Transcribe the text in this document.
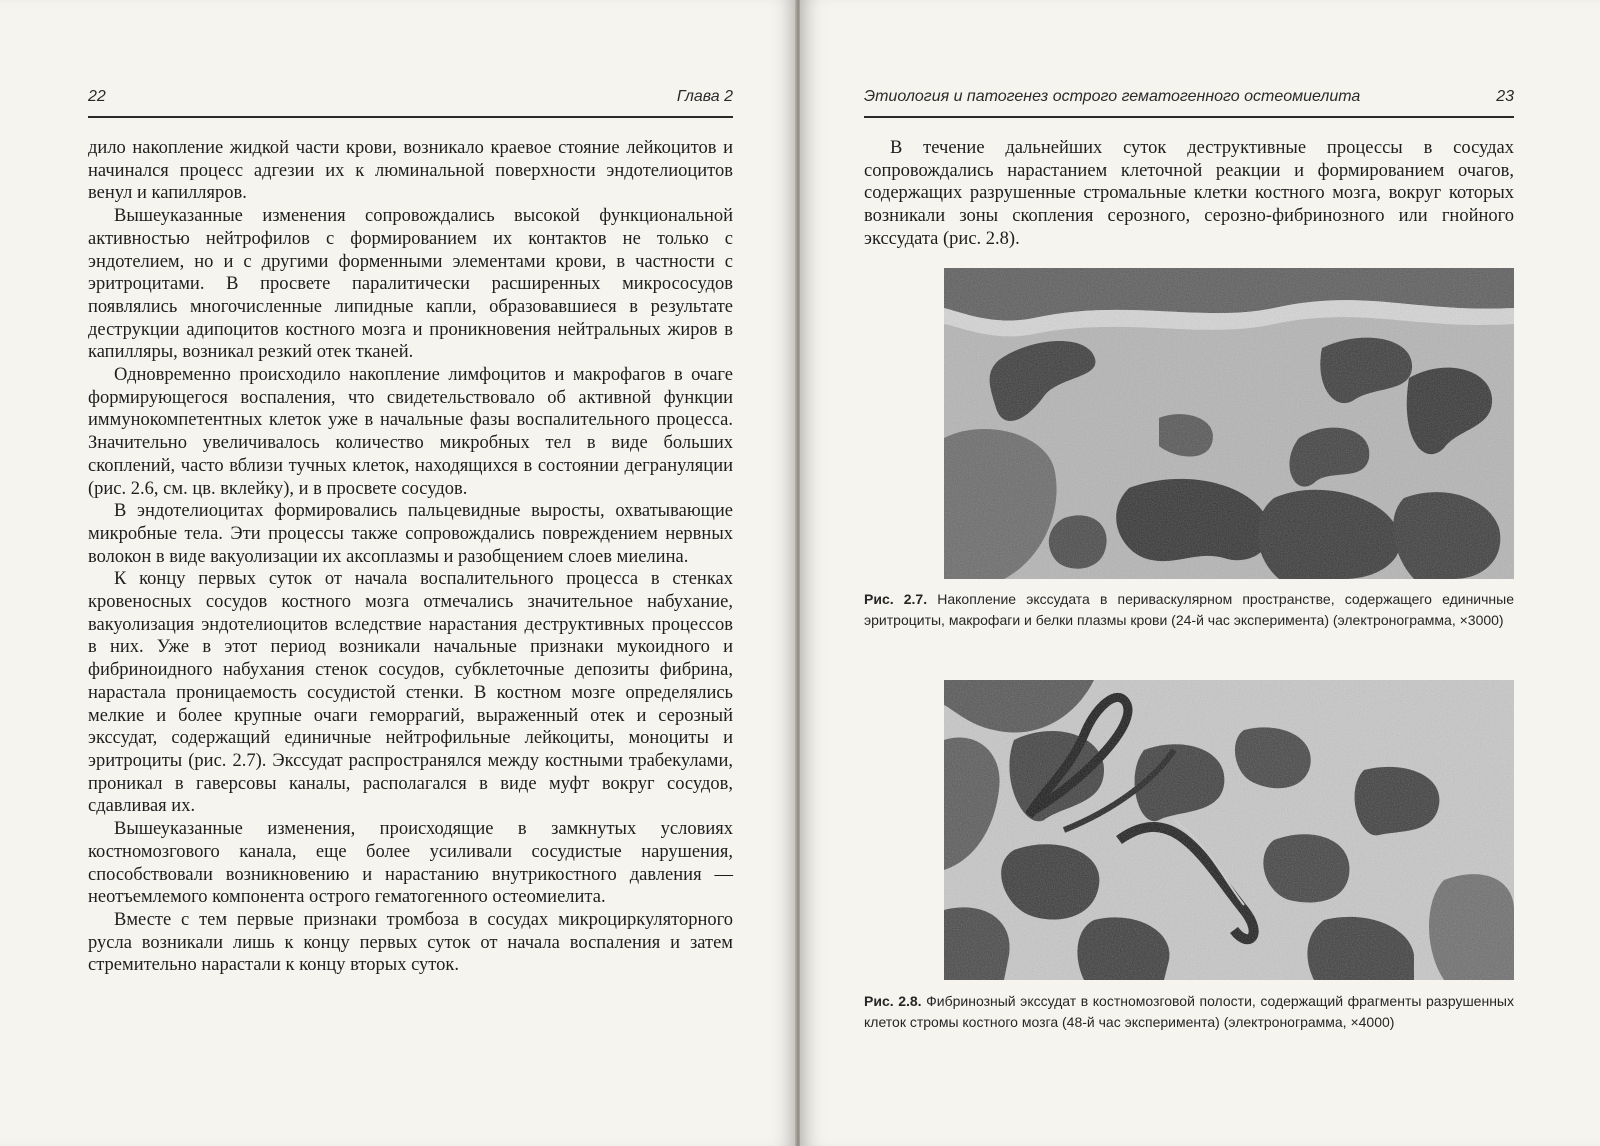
22	Глава 2

дило накопление жидкой части крови, возникало краевое стояние лейкоцитов и начинался процесс адгезии их к люминальной поверхности эндотелиоцитов венул и капилляров.

Вышеуказанные изменения сопровождались высокой функциональной активностью нейтрофилов с формированием их контактов не только с эндотелием, но и с другими форменными элементами крови, в частности с эритроцитами. В просвете паралитически расширенных микрососудов появлялись многочисленные липидные капли, образовавшиеся в результате деструкции адипоцитов костного мозга и проникновения нейтральных жиров в капилляры, возникал резкий отек тканей.

Одновременно происходило накопление лимфоцитов и макрофагов в очаге формирующегося воспаления, что свидетельствовало об активной функции иммунокомпетентных клеток уже в начальные фазы воспалительного процесса. Значительно увеличивалось количество микробных тел в виде больших скоплений, часто вблизи тучных клеток, находящихся в состоянии дегрануляции (рис. 2.6, см. цв. вклейку), и в просвете сосудов.

В эндотелиоцитах формировались пальцевидные выросты, охватывающие микробные тела. Эти процессы также сопровождались повреждением нервных волокон в виде вакуолизации их аксоплазмы и разобщением слоев миелина.

К концу первых суток от начала воспалительного процесса в стенках кровеносных сосудов костного мозга отмечались значительное набухание, вакуолизация эндотелиоцитов вследствие нарастания деструктивных процессов в них. Уже в этот период возникали начальные признаки мукоидного и фибриноидного набухания стенок сосудов, субклеточные депозиты фибрина, нарастала проницаемость сосудистой стенки. В костном мозге определялись мелкие и более крупные очаги геморрагий, выраженный отек и серозный экссудат, содержащий единичные нейтрофильные лейкоциты, моноциты и эритроциты (рис. 2.7). Экссудат распространялся между костными трабекулами, проникал в гаверсовы каналы, располагался в виде муфт вокруг сосудов, сдавливая их.

Вышеуказанные изменения, происходящие в замкнутых условиях костномозгового канала, еще более усиливали сосудистые нарушения, способствовали возникновению и нарастанию внутрикостного давления — неотъемлемого компонента острого гематогенного остеомиелита.

Вместе с тем первые признаки тромбоза в сосудах микроциркуляторного русла возникали лишь к концу первых суток от начала воспаления и затем стремительно нарастали к концу вторых суток.

Этиология и патогенез острого гематогенного остеомиелита	23

В течение дальнейших суток деструктивные процессы в сосудах сопровождались нарастанием клеточной реакции и формированием очагов, содержащих разрушенные стромальные клетки костного мозга, вокруг которых возникали зоны скопления серозного, серозно-фибринозного или гнойного экссудата (рис. 2.8).

Рис. 2.7. Накопление экссудата в периваскулярном пространстве, содержащего единичные эритроциты, макрофаги и белки плазмы крови (24-й час эксперимента) (электронограмма, ×3000)
Рис. 2.8. Фибринозный экссудат в костномозговой полости, содержащий фрагменты разрушенных клеток стромы костного мозга (48-й час эксперимента) (электронограмма, ×4000)
